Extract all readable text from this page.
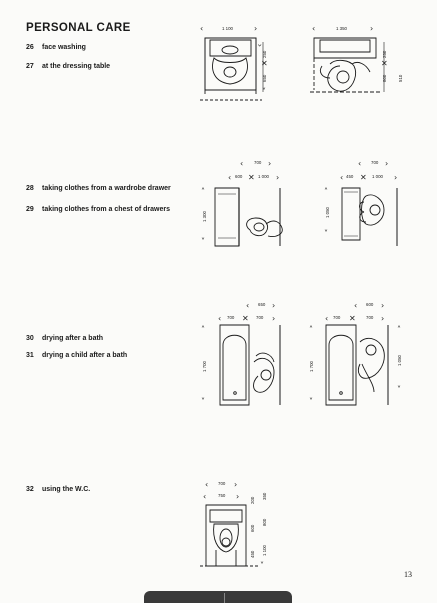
PERSONAL CARE
26 face washing
27 at the dressing table
28 taking clothes from a wardrobe drawer
29 taking clothes from a chest of drawers
30 drying after a bath
31 drying a child after a bath
32 using the W.C.
‹	1 100	›
‹
250
✕
650
˅
‹	1 350	›
250
✕
800	510
‹ 700 ›
‹ 600 ✕ 1 000 ›
˄
1 300
˅
‹ 700 ›
‹ 450 ✕ 1 000 ›
˄
1 050
˅
‹ 650 ›
‹ 700 ✕ 700 ›
˄
1 700
˅
‹ 600 ›
‹ 700 ✕ 700 ›
˄
1 700
˅
˄
1 050
˅
‹ 700 ›
‹	750 › 200
600
450
350
800
1 100
˅
13
